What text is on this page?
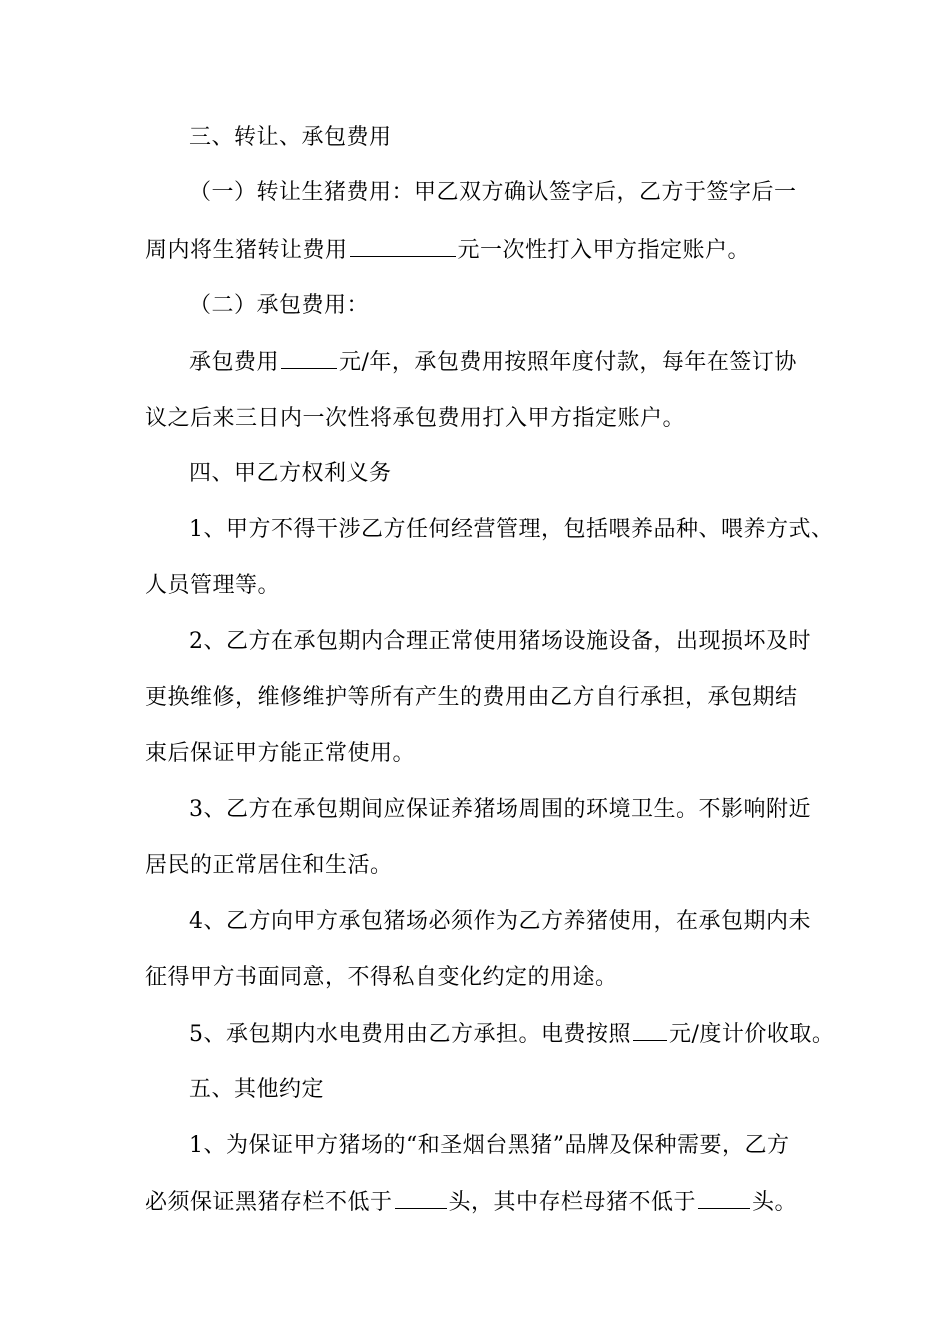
三、转让、承包费用
（一）转让生猪费用：甲乙双方确认签字后，乙方于签字后一
周内将生猪转让费用	元一次性打入甲方指定账户。
（二）承包费用：
承包费用	元/年，承包费用按照年度付款，每年在签订协
议之后来三日内一次性将承包费用打入甲方指定账户。
四、甲乙方权利义务
1、甲方不得干涉乙方任何经营管理，包括喂养品种、喂养方式、
人员管理等。
2、乙方在承包期内合理正常使用猪场设施设备，出现损坏及时
更换维修，维修维护等所有产生的费用由乙方自行承担，承包期结
束后保证甲方能正常使用。
3、乙方在承包期间应保证养猪场周围的环境卫生。不影响附近
居民的正常居住和生活。
4、乙方向甲方承包猪场必须作为乙方养猪使用，在承包期内未
征得甲方书面同意，不得私自变化约定的用途。
5、承包期内水电费用由乙方承担。电费按照 元/度计价收取。
五、其他约定
1、为保证甲方猪场的“和圣烟台黑猪”品牌及保种需要，乙方
必须保证黑猪存栏不低于	头，其中存栏母猪不低于	头。
